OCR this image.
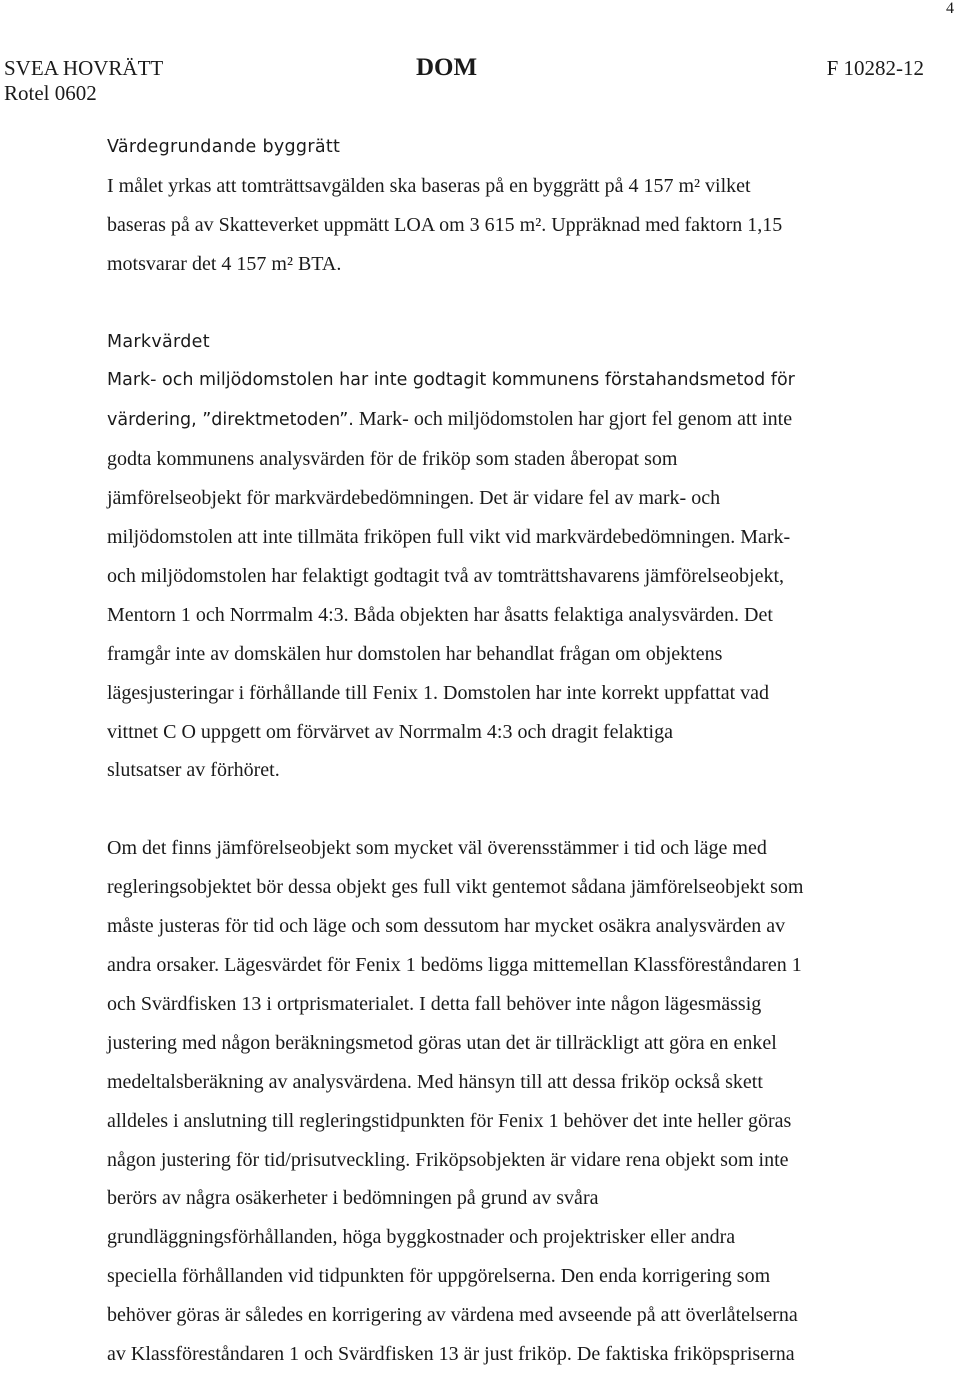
4
SVEA HOVRÄTT
Rotel 0602
DOM	F 10282-12
Värdegrundande byggrätt
I målet yrkas att tomträttsavgälden ska baseras på en byggrätt på 4 157 m² vilket
baseras på av Skatteverket uppmätt LOA om 3 615 m². Uppräknad med faktorn 1,15
motsvarar det 4 157 m² BTA.
Markvärdet
Mark- och miljödomstolen har inte godtagit kommunens förstahandsmetod för
värdering, ”direktmetoden”. Mark- och miljödomstolen har gjort fel genom att inte
godta kommunens analysvärden för de friköp som staden åberopat som
jämförelseobjekt för markvärdebedömningen. Det är vidare fel av mark- och
miljödomstolen att inte tillmäta friköpen full vikt vid markvärdebedömningen. Mark-
och miljödomstolen har felaktigt godtagit två av tomträttshavarens jämförelseobjekt,
Mentorn 1 och Norrmalm 4:3. Båda objekten har åsatts felaktiga analysvärden. Det
framgår inte av domskälen hur domstolen har behandlat frågan om objektens
lägesjusteringar i förhållande till Fenix 1. Domstolen har inte korrekt uppfattat vad
vittnet C O uppgett om förvärvet av Norrmalm 4:3 och dragit felaktiga
slutsatser av förhöret.
Om det finns jämförelseobjekt som mycket väl överensstämmer i tid och läge med
regleringsobjektet bör dessa objekt ges full vikt gentemot sådana jämförelseobjekt som
måste justeras för tid och läge och som dessutom har mycket osäkra analysvärden av
andra orsaker. Lägesvärdet för Fenix 1 bedöms ligga mittemellan Klassföreståndaren 1
och Svärdfisken 13 i ortprismaterialet. I detta fall behöver inte någon lägesmässig
justering med någon beräkningsmetod göras utan det är tillräckligt att göra en enkel
medeltalsberäkning av analysvärdena. Med hänsyn till att dessa friköp också skett
alldeles i anslutning till regleringstidpunkten för Fenix 1 behöver det inte heller göras
någon justering för tid/prisutveckling. Friköpsobjekten är vidare rena objekt som inte
berörs av några osäkerheter i bedömningen på grund av svåra
grundläggningsförhållanden, höga byggkostnader och projektrisker eller andra
speciella förhållanden vid tidpunkten för uppgörelserna. Den enda korrigering som
behöver göras är således en korrigering av värdena med avseende på att överlåtelserna
av Klassföreståndaren 1 och Svärdfisken 13 är just friköp. De faktiska friköpspriserna
